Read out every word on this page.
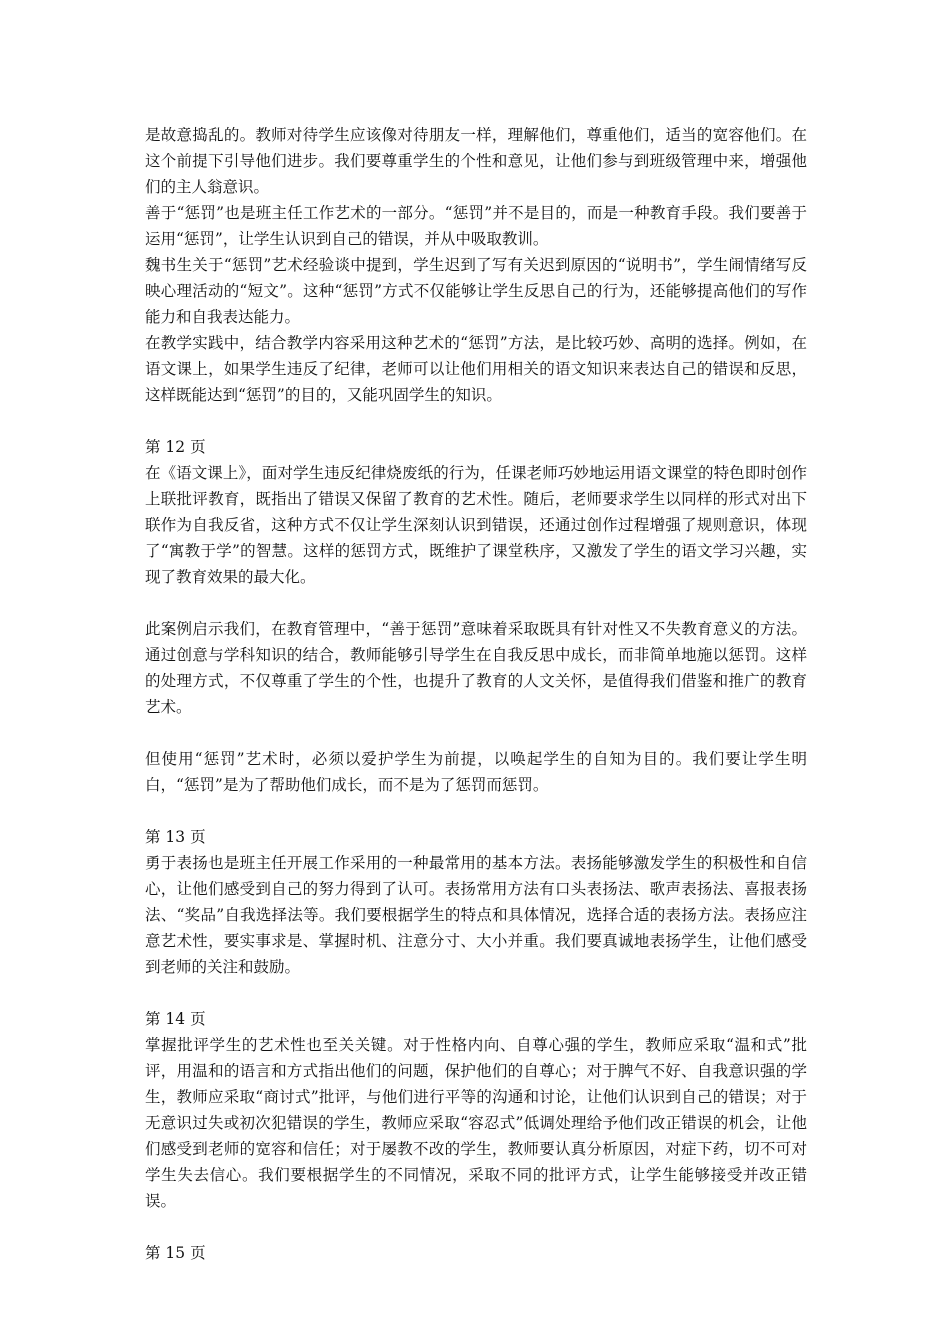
是故意捣乱的。教师对待学生应该像对待朋友一样，理解他们，尊重他们，适当的宽容他们。在这个前提下引导他们进步。我们要尊重学生的个性和意见，让他们参与到班级管理中来，增强他们的主人翁意识。

善于“惩罚”也是班主任工作艺术的一部分。“惩罚”并不是目的，而是一种教育手段。我们要善于运用“惩罚”，让学生认识到自己的错误，并从中吸取教训。

魏书生关于“惩罚”艺术经验谈中提到，学生迟到了写有关迟到原因的“说明书”，学生闹情绪写反映心理活动的“短文”。这种“惩罚”方式不仅能够让学生反思自己的行为，还能够提高他们的写作能力和自我表达能力。

在教学实践中，结合教学内容采用这种艺术的“惩罚”方法，是比较巧妙、高明的选择。例如，在语文课上，如果学生违反了纪律，老师可以让他们用相关的语文知识来表达自己的错误和反思，这样既能达到“惩罚”的目的，又能巩固学生的知识。

第 12 页

在《语文课上》，面对学生违反纪律烧废纸的行为，任课老师巧妙地运用语文课堂的特色即时创作上联批评教育，既指出了错误又保留了教育的艺术性。随后，老师要求学生以同样的形式对出下联作为自我反省，这种方式不仅让学生深刻认识到错误，还通过创作过程增强了规则意识，体现了“寓教于学”的智慧。这样的惩罚方式，既维护了课堂秩序，又激发了学生的语文学习兴趣，实现了教育效果的最大化。

此案例启示我们，在教育管理中，“善于惩罚”意味着采取既具有针对性又不失教育意义的方法。通过创意与学科知识的结合，教师能够引导学生在自我反思中成长，而非简单地施以惩罚。这样的处理方式，不仅尊重了学生的个性，也提升了教育的人文关怀，是值得我们借鉴和推广的教育艺术。

但使用“惩罚”艺术时，必须以爱护学生为前提，以唤起学生的自知为目的。我们要让学生明白，“惩罚”是为了帮助他们成长，而不是为了惩罚而惩罚。

第 13 页

勇于表扬也是班主任开展工作采用的一种最常用的基本方法。表扬能够激发学生的积极性和自信心，让他们感受到自己的努力得到了认可。表扬常用方法有口头表扬法、歌声表扬法、喜报表扬法、“奖品”自我选择法等。我们要根据学生的特点和具体情况，选择合适的表扬方法。表扬应注意艺术性，要实事求是、掌握时机、注意分寸、大小并重。我们要真诚地表扬学生，让他们感受到老师的关注和鼓励。

第 14 页

掌握批评学生的艺术性也至关关键。对于性格内向、自尊心强的学生，教师应采取“温和式”批评，用温和的语言和方式指出他们的问题，保护他们的自尊心；对于脾气不好、自我意识强的学生，教师应采取“商讨式”批评，与他们进行平等的沟通和讨论，让他们认识到自己的错误；对于无意识过失或初次犯错误的学生，教师应采取“容忍式”低调处理给予他们改正错误的机会，让他们感受到老师的宽容和信任；对于屡教不改的学生，教师要认真分析原因，对症下药，切不可对学生失去信心。我们要根据学生的不同情况，采取不同的批评方式，让学生能够接受并改正错误。

第 15 页
